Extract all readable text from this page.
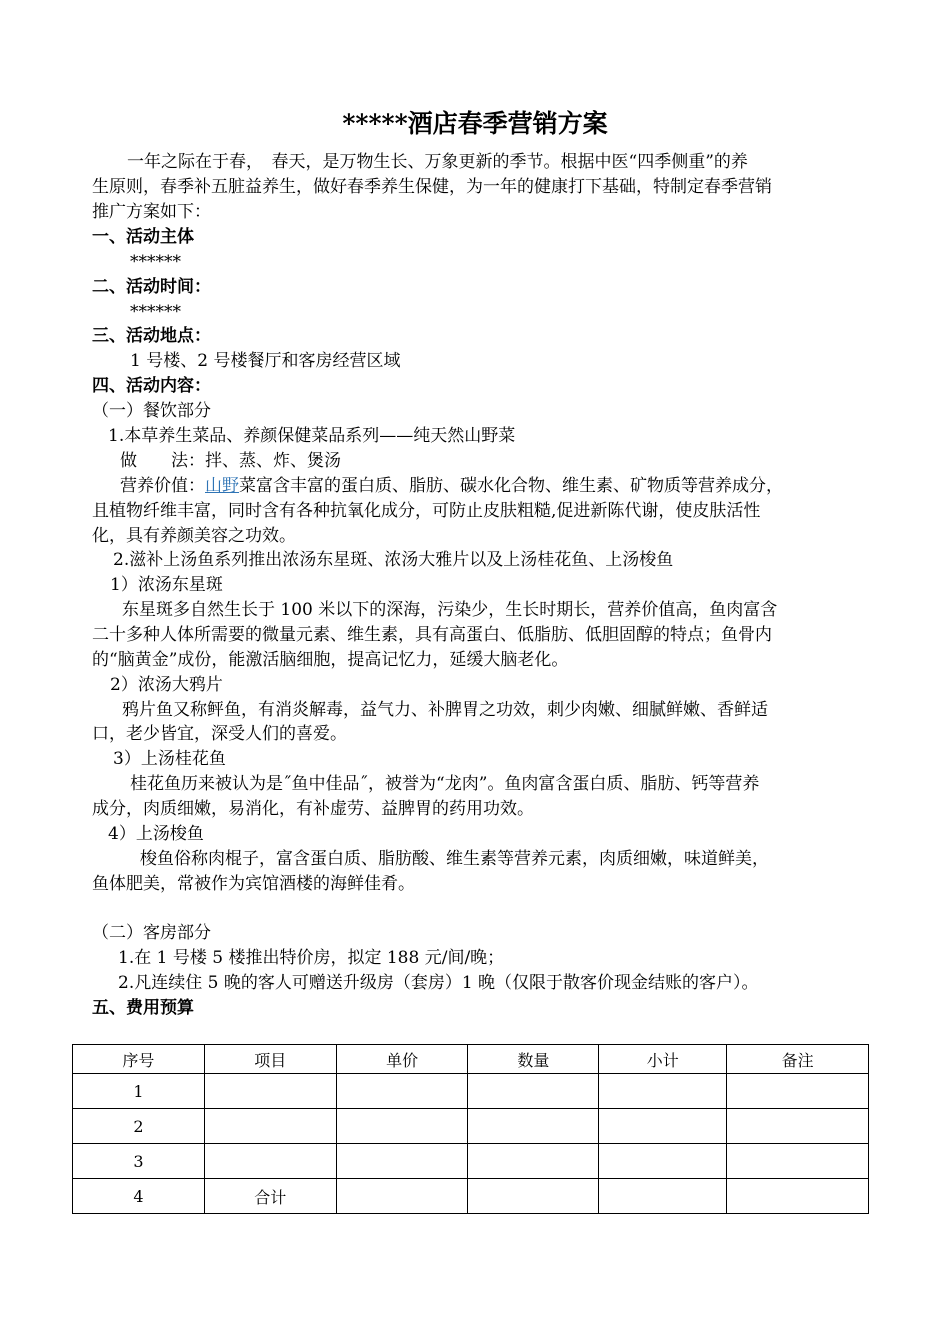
*****酒店春季营销方案
一年之际在于春，　春天，是万物生长、万象更新的季节。根据中医“四季侧重”的养
生原则，春季补五脏益养生，做好春季养生保健，为一年的健康打下基础，特制定春季营销
推广方案如下：
一、活动主体
******
二、活动时间：
******
三、活动地点：
1 号楼、2 号楼餐厅和客房经营区域
四、活动内容：
（一）餐饮部分
1.本草养生菜品、养颜保健菜品系列——纯天然山野菜
做　　法：拌、蒸、炸、煲汤
营养价值：山野菜富含丰富的蛋白质、脂肪、碳水化合物、维生素、矿物质等营养成分，
且植物纤维丰富，同时含有各种抗氧化成分，可防止皮肤粗糙,促进新陈代谢，使皮肤活性
化，具有养颜美容之功效。
2.滋补上汤鱼系列推出浓汤东星斑、浓汤大雅片以及上汤桂花鱼、上汤梭鱼
1）浓汤东星斑
东星斑多自然生长于 100 米以下的深海，污染少，生长时期长，营养价值高，鱼肉富含
二十多种人体所需要的微量元素、维生素，具有高蛋白、低脂肪、低胆固醇的特点；鱼骨内
的“脑黄金”成份，能激活脑细胞，提高记忆力，延缓大脑老化。
2）浓汤大鸦片
鸦片鱼又称鲆鱼，有消炎解毒，益气力、补脾胃之功效，刺少肉嫩、细腻鲜嫩、香鲜适
口，老少皆宜，深受人们的喜爱。
3）上汤桂花鱼
桂花鱼历来被认为是˝鱼中佳品˝，被誉为“龙肉”。鱼肉富含蛋白质、脂肪、钙等营养
成分，肉质细嫩，易消化，有补虚劳、益脾胃的药用功效。
4）上汤梭鱼
梭鱼俗称肉棍子，富含蛋白质、脂肪酸、维生素等营养元素，肉质细嫩，味道鲜美，
鱼体肥美，常被作为宾馆酒楼的海鲜佳肴。
（二）客房部分
1.在 1 号楼 5 楼推出特价房，拟定 188 元/间/晚；
2.凡连续住 5 晚的客人可赠送升级房（套房）1 晚（仅限于散客价现金结账的客户）。
五、费用预算
序号	项目	单价	数量	小计	备注
1					
2					
3					
4	合计				
